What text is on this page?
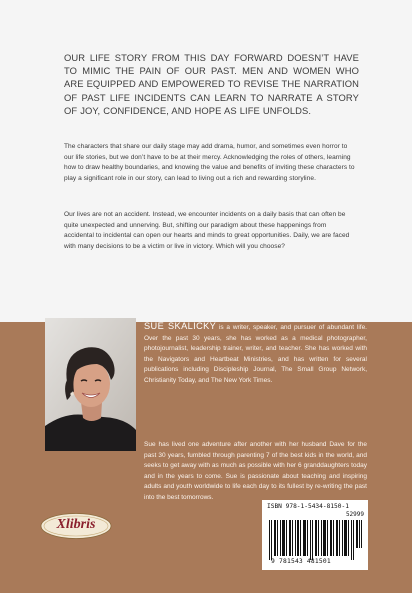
OUR LIFE STORY FROM THIS DAY FORWARD DOESN’T HAVE TO MIMIC THE PAIN OF OUR PAST. MEN AND WOMEN WHO ARE EQUIPPED AND EMPOWERED TO REVISE THE NARRATION OF PAST LIFE INCIDENTS CAN LEARN TO NARRATE A STORY OF JOY, CONFIDENCE, AND HOPE AS LIFE UNFOLDS.
The characters that share our daily stage may add drama, humor, and sometimes even horror to our life stories, but we don’t have to be at their mercy. Acknowledging the roles of others, learning how to draw healthy boundaries, and knowing the value and benefits of inviting these characters to play a significant role in our story, can lead to living out a rich and rewarding storyline.
Our lives are not an accident. Instead, we encounter incidents on a daily basis that can often be quite unexpected and unnerving. But, shifting our paradigm about these happenings from accidental to incidental can open our hearts and minds to great opportunities. Daily, we are faced with many decisions to be a victim or live in victory. Which will you choose?
SUE SKALICKY is a writer, speaker, and pursuer of abundant life. Over the past 30 years, she has worked as a medical photographer, photojournalist, leadership trainer, writer, and teacher. She has worked with the Navigators and Heartbeat Ministries, and has written for several publications including Discipleship Journal, The Small Group Network, Christianity Today, and The New York Times.
Sue has lived one adventure after another with her husband Dave for the past 30 years, fumbled through parenting 7 of the best kids in the world, and seeks to get away with as much as possible with her 6 granddaughters today and in the years to come. Sue is passionate about teaching and inspiring adults and youth worldwide to life each day to its fullest by re-writing the past into the best tomorrows.
Xlibris
ISBN 978-1-5434-8150-1
52999
9 781543 481501
